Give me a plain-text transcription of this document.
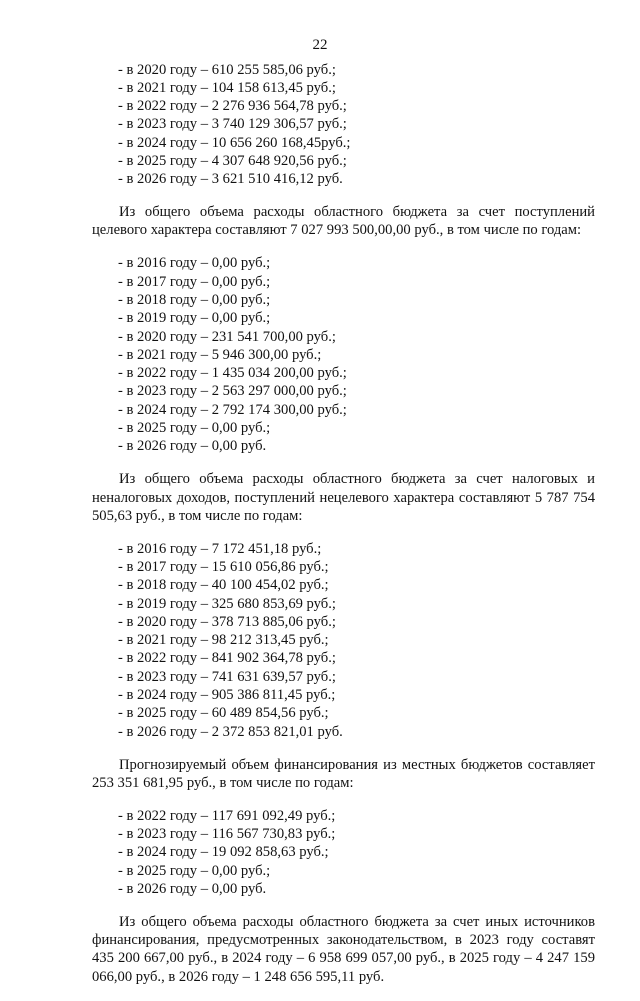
22

- в 2020 году – 610 255 585,06 руб.;

- в 2021 году – 104 158 613,45 руб.;

- в 2022 году – 2 276 936 564,78 руб.;

- в 2023 году – 3 740 129 306,57 руб.;

- в 2024 году – 10 656 260 168,45руб.;

- в 2025 году – 4 307 648 920,56 руб.;

- в 2026 году – 3 621 510 416,12 руб.

Из общего объема расходы областного бюджета за счет поступлений целевого характера составляют 7 027 993 500,00,00 руб., в том числе по годам:

- в 2016 году – 0,00 руб.;

- в 2017 году – 0,00 руб.;

- в 2018 году – 0,00 руб.;

- в 2019 году – 0,00 руб.;

- в 2020 году – 231 541 700,00 руб.;

- в 2021 году – 5 946 300,00 руб.;

- в 2022 году – 1 435 034 200,00 руб.;

- в 2023 году – 2 563 297 000,00 руб.;

- в 2024 году – 2 792 174 300,00 руб.;

- в 2025 году – 0,00 руб.;

- в 2026 году – 0,00 руб.

Из общего объема расходы областного бюджета за счет налоговых и неналоговых доходов, поступлений нецелевого характера составляют 5 787 754 505,63 руб., в том числе по годам:

- в 2016 году – 7 172 451,18 руб.;

- в 2017 году – 15 610 056,86 руб.;

- в 2018 году – 40 100 454,02 руб.;

- в 2019 году – 325 680 853,69 руб.;

- в 2020 году – 378 713 885,06 руб.;

- в 2021 году – 98 212 313,45 руб.;

- в 2022 году – 841 902 364,78 руб.;

- в 2023 году – 741 631 639,57 руб.;

- в 2024 году – 905 386 811,45 руб.;

- в 2025 году – 60 489 854,56 руб.;

- в 2026 году – 2 372 853 821,01 руб.

Прогнозируемый объем финансирования из местных бюджетов составляет 253 351 681,95 руб., в том числе по годам:

- в 2022 году – 117 691 092,49 руб.;

- в 2023 году – 116 567 730,83 руб.;

- в 2024 году – 19 092 858,63 руб.;

- в 2025 году – 0,00 руб.;

- в 2026 году – 0,00 руб.

Из общего объема расходы областного бюджета за счет иных источников финансирования, предусмотренных законодательством, в 2023 году составят 435 200 667,00 руб., в 2024 году – 6 958 699 057,00 руб., в 2025 году – 4 247 159 066,00 руб., в 2026 году – 1 248 656 595,11 руб.
